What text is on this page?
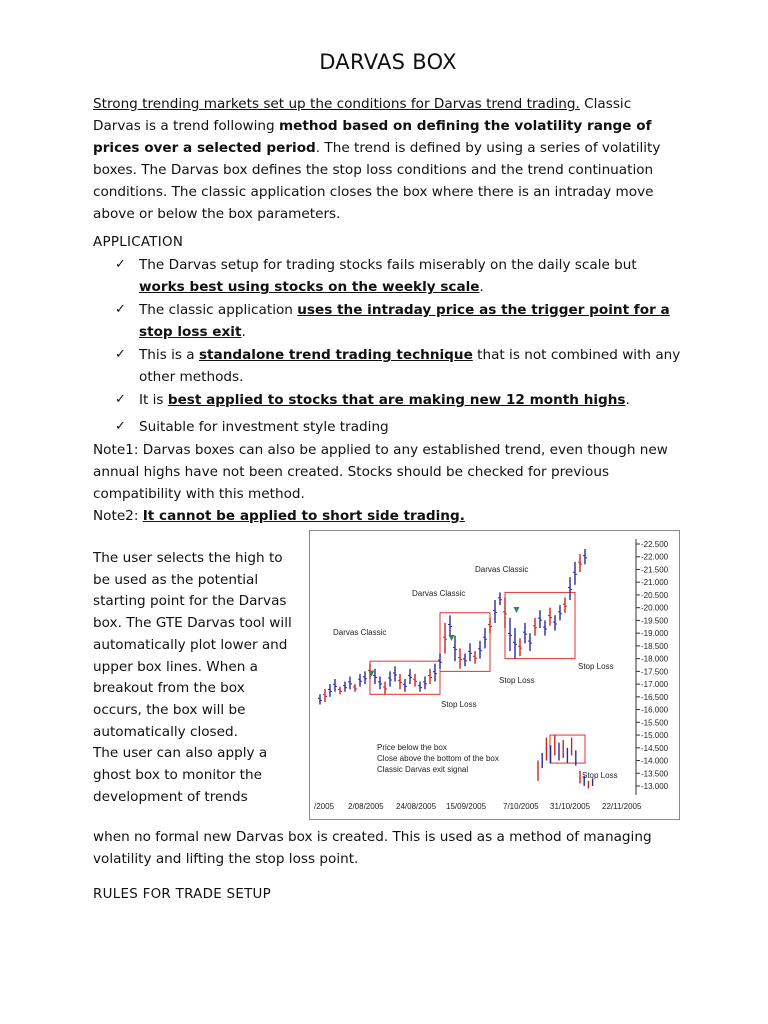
DARVAS BOX

Strong trending markets set up the conditions for Darvas trend trading. Classic Darvas is a trend following method based on defining the volatility range of prices over a selected period. The trend is defined by using a series of volatility boxes. The Darvas box defines the stop loss conditions and the trend continuation conditions. The classic application closes the box where there is an intraday move above or below the box parameters.

APPLICATION
✓ The Darvas setup for trading stocks fails miserably on the daily scale but works best using stocks on the weekly scale.
✓ The classic application uses the intraday price as the trigger point for a stop loss exit.
✓ This is a standalone trend trading technique that is not combined with any other methods.
✓ It is best applied to stocks that are making new 12 month highs.
✓ Suitable for investment style trading

Note1: Darvas boxes can also be applied to any established trend, even though new annual highs have not been created. Stocks should be checked for previous compatibility with this method.

Note2: It cannot be applied to short side trading.

The user selects the high to be used as the potential starting point for the Darvas box. The GTE Darvas tool will automatically plot lower and upper box lines. When a breakout from the box occurs, the box will be automatically closed.

The user can also apply a ghost box to monitor the development of trends

-22.500
-22.000
-21.500
-21.000
-20.500
-20.000
-19.500
-19.000
-18.500
-18.000
-17.500
-17.000
-16.500
-16.000
-15.500
-15.000
-14.500
-14.000
-13.500
-13.000
/2005 2/08/2005 24/08/2005 15/09/2005 7/10/2005 31/10/2005 22/11/2005
Darvas Classic
Darvas Classic
Darvas Classic
Stop Loss
Stop Loss
Stop Loss
Stop Loss
Price below the box
Close above the bottom of the box
Classic Darvas exit signal

when no formal new Darvas box is created. This is used as a method of managing volatility and lifting the stop loss point.

RULES FOR TRADE SETUP
